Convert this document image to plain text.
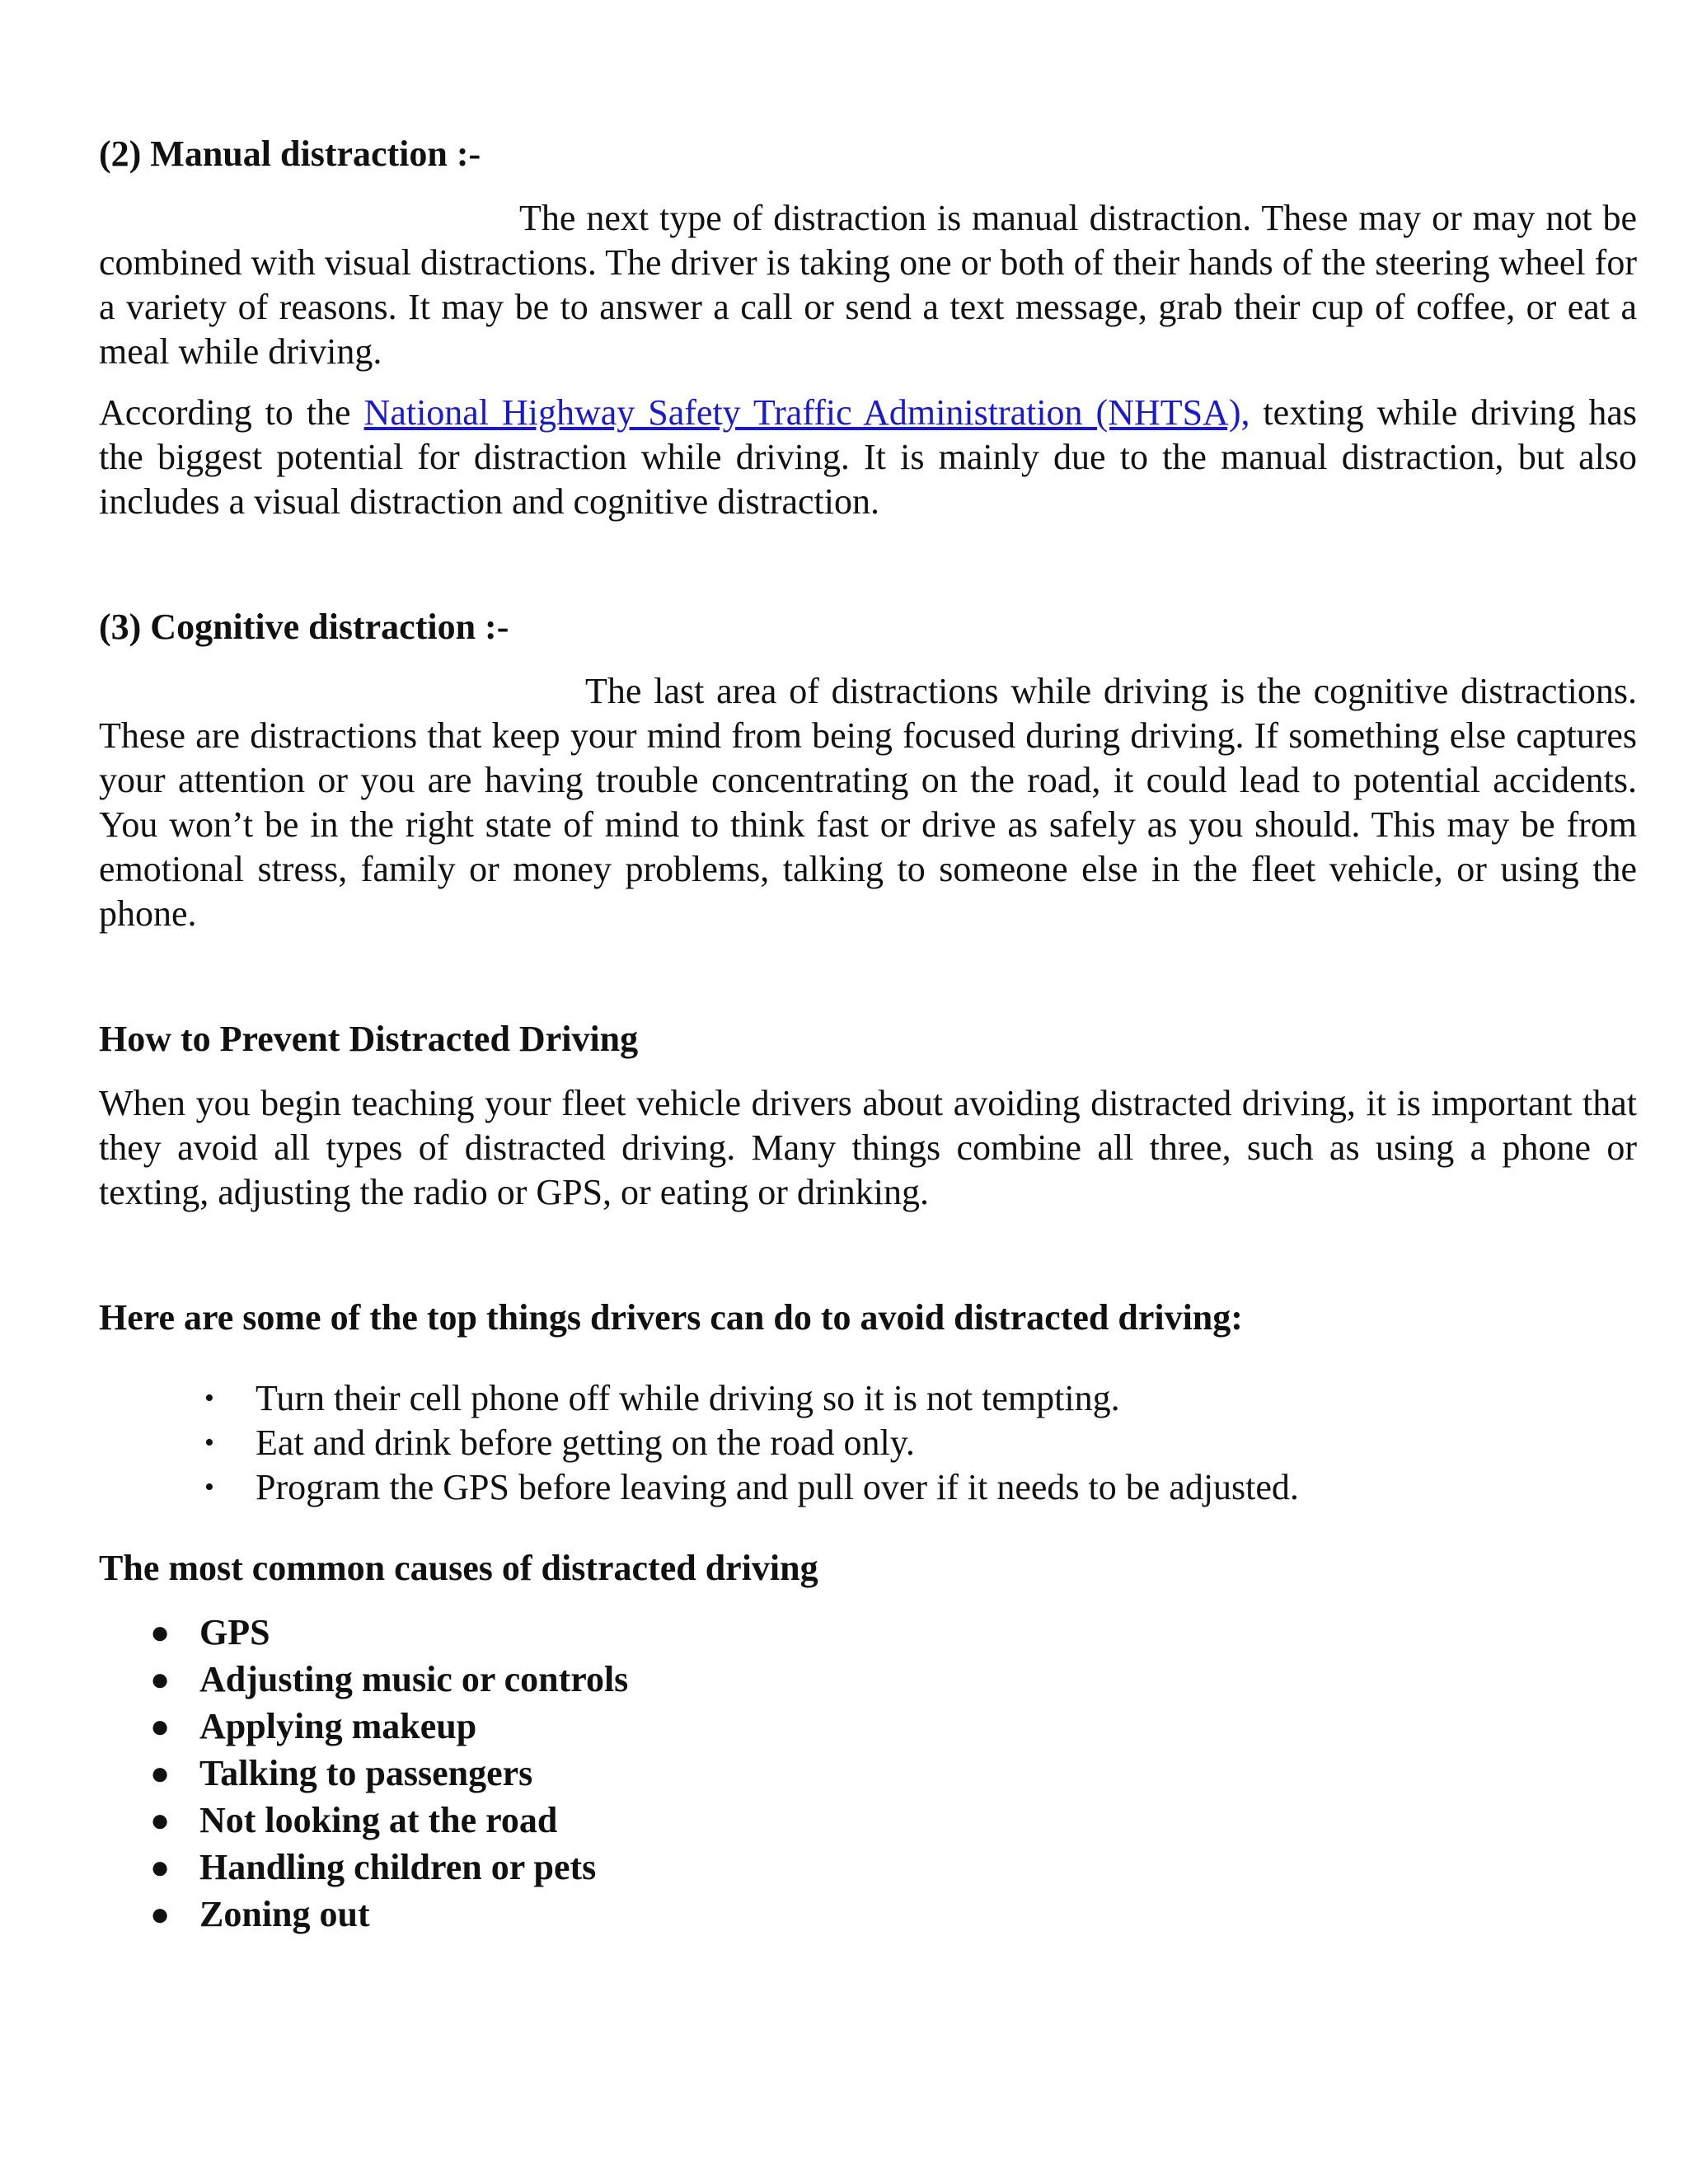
(2) Manual distraction :-

The next type of distraction is manual distraction. These may or may not be combined with visual distractions. The driver is taking one or both of their hands of the steering wheel for a variety of reasons. It may be to answer a call or send a text message, grab their cup of coffee, or eat a meal while driving.

According to the National Highway Safety Traffic Administration (NHTSA), texting while driving has the biggest potential for distraction while driving. It is mainly due to the manual distraction, but also includes a visual distraction and cognitive distraction.

(3) Cognitive distraction :-

The last area of distractions while driving is the cognitive distractions. These are distractions that keep your mind from being focused during driving. If something else captures your attention or you are having trouble concentrating on the road, it could lead to potential accidents. You won’t be in the right state of mind to think fast or drive as safely as you should. This may be from emotional stress, family or money problems, talking to someone else in the fleet vehicle, or using the phone.

How to Prevent Distracted Driving

When you begin teaching your fleet vehicle drivers about avoiding distracted driving, it is important that they avoid all types of distracted driving. Many things combine all three, such as using a phone or texting, adjusting the radio or GPS, or eating or drinking.

Here are some of the top things drivers can do to avoid distracted driving:

• Turn their cell phone off while driving so it is not tempting.
• Eat and drink before getting on the road only.
• Program the GPS before leaving and pull over if it needs to be adjusted.

The most common causes of distracted driving

● GPS
● Adjusting music or controls
● Applying makeup
● Talking to passengers
● Not looking at the road
● Handling children or pets
● Zoning out
